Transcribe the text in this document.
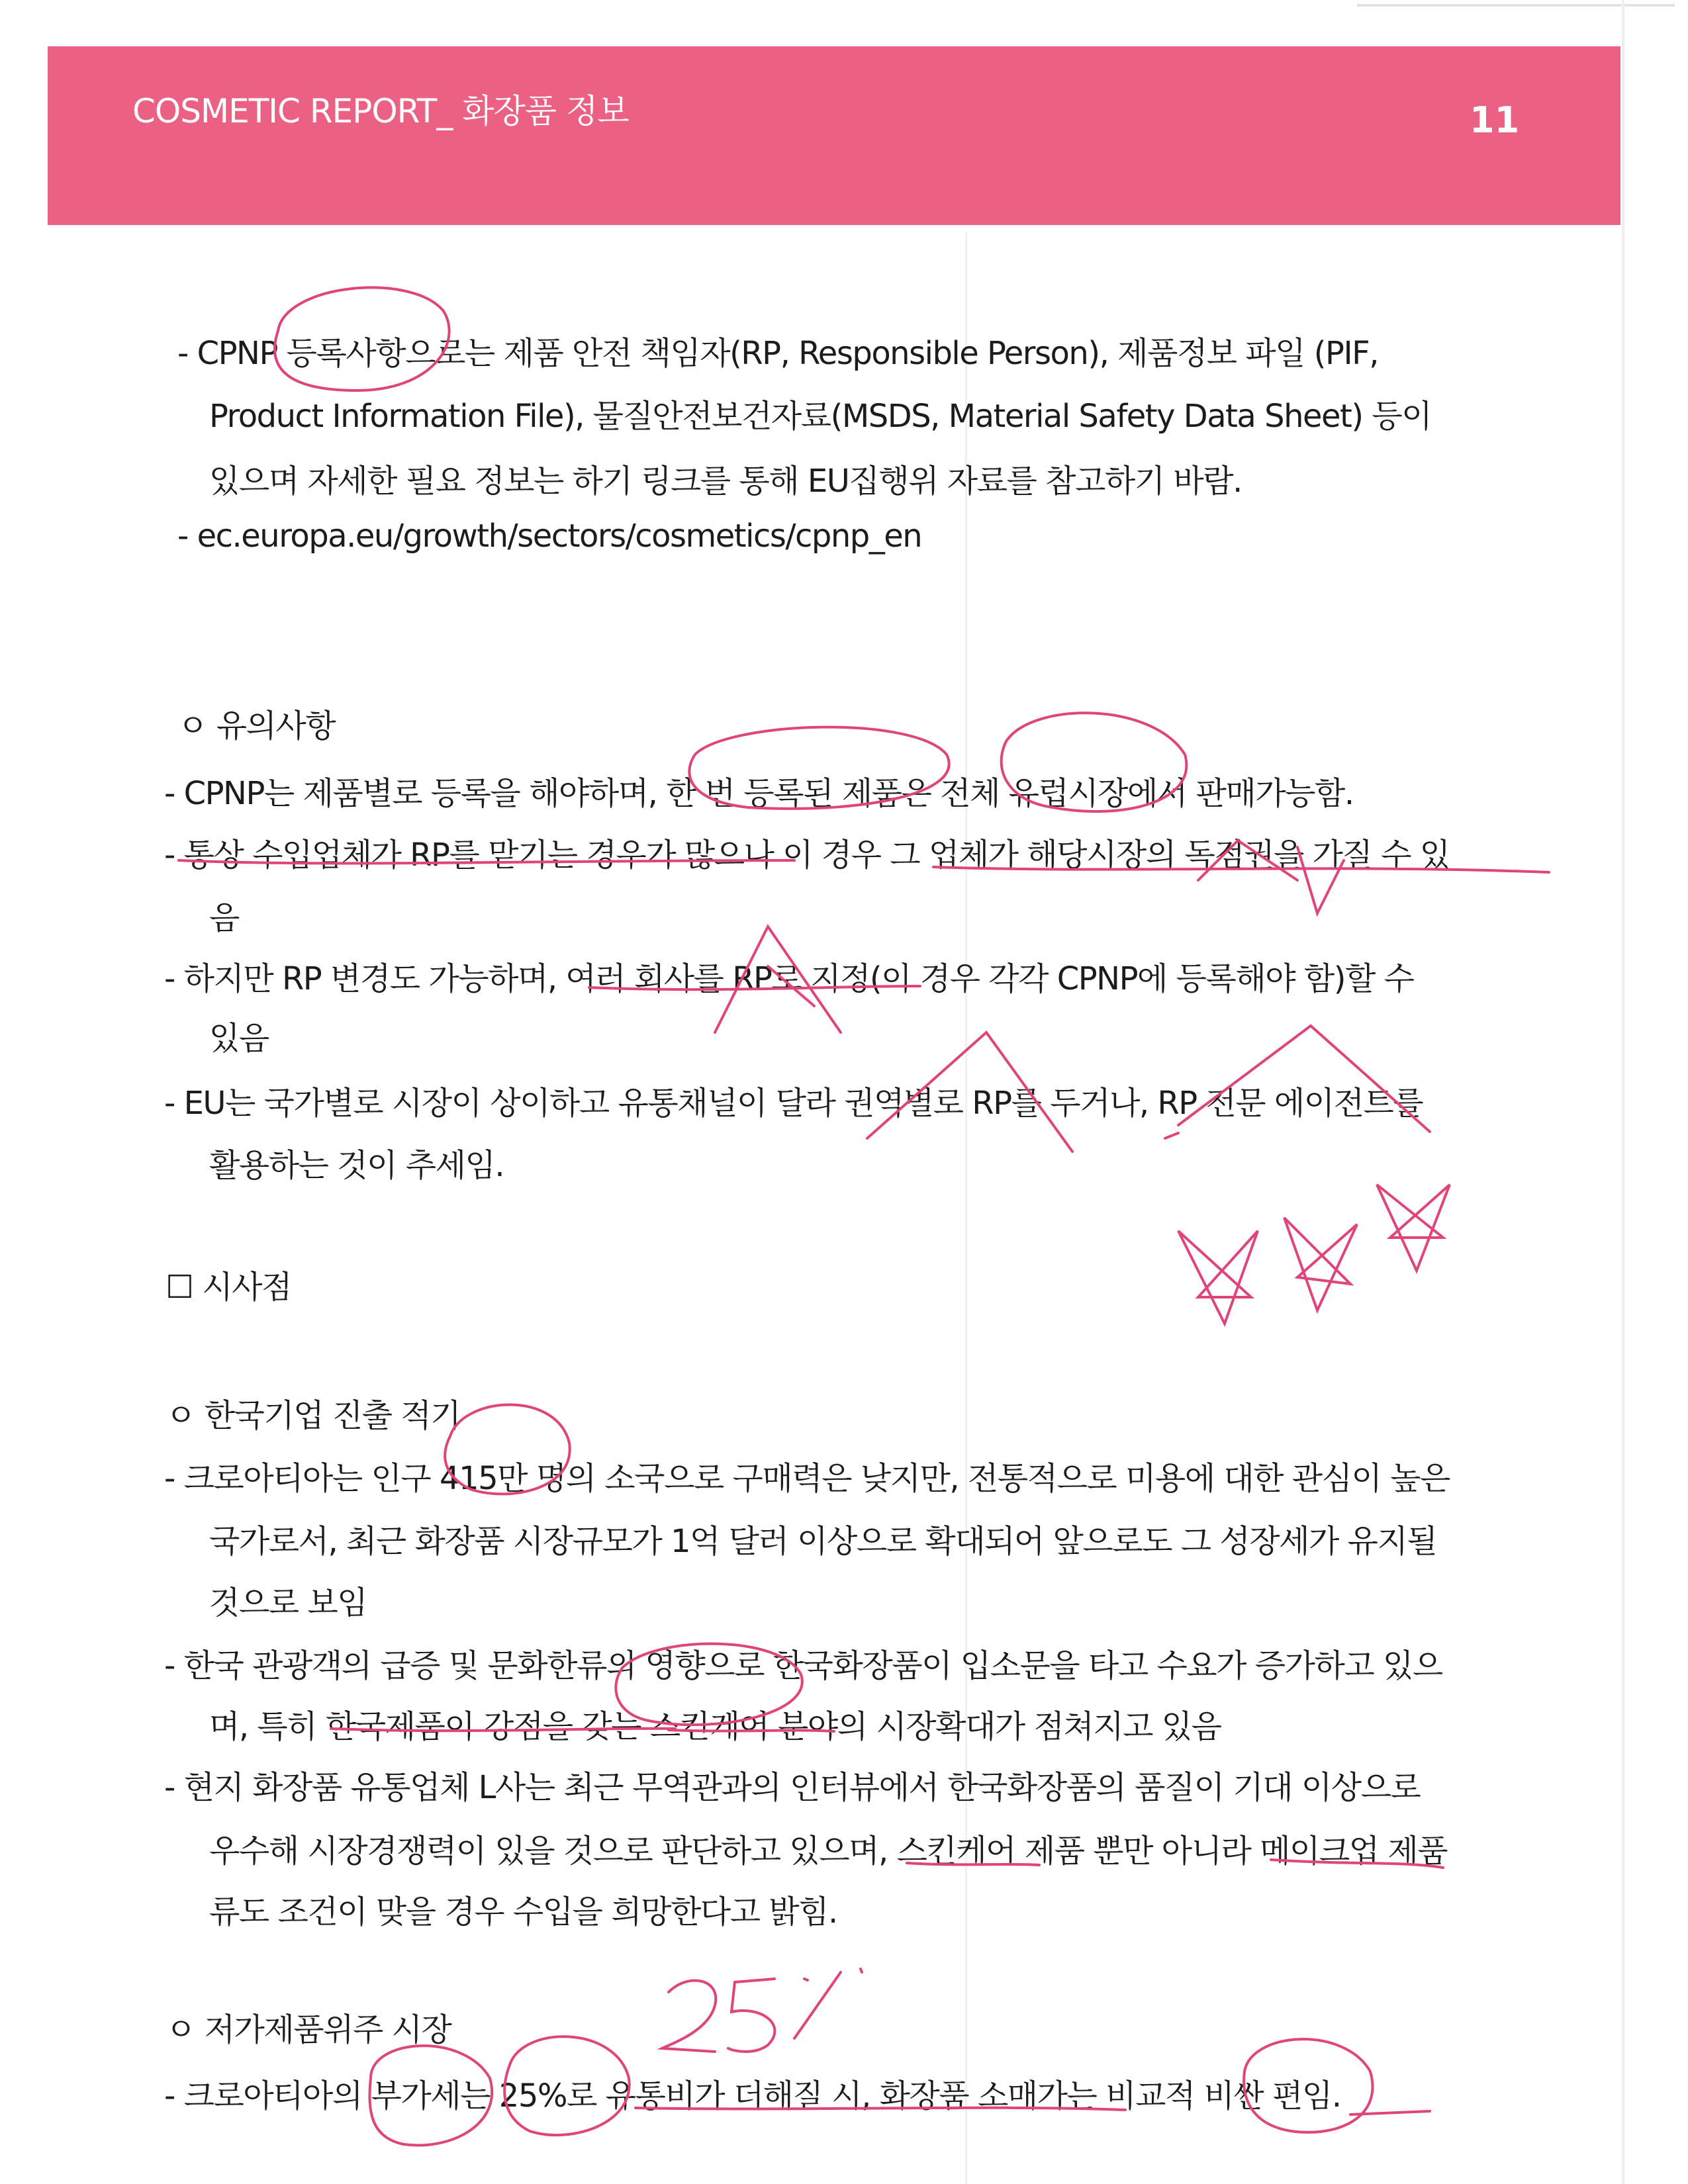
COSMETIC REPORT_ 화장품 정보	11
- CPNP 등록사항으로는 제품 안전 책임자(RP, Responsible Person), 제품정보 파일 (PIF,
Product Information File), 물질안전보건자료(MSDS, Material Safety Data Sheet) 등이
있으며 자세한 필요 정보는 하기 링크를 통해 EU집행위 자료를 참고하기 바람.
- ec.europa.eu/growth/sectors/cosmetics/cpnp_en
ㅇ 유의사항
- CPNP는 제품별로 등록을 해야하며, 한 번 등록된 제품은 전체 유럽시장에서 판매가능함.
- 통상 수입업체가 RP를 맡기는 경우가 많으나 이 경우 그 업체가 해당시장의 독점권을 가질 수 있
음
- 하지만 RP 변경도 가능하며, 여러 회사를 RP로 지정(이 경우 각각 CPNP에 등록해야 함)할 수
있음
- EU는 국가별로 시장이 상이하고 유통채널이 달라 권역별로 RP를 두거나, RP 전문 에이전트를
활용하는 것이 추세임.
☐ 시사점
ㅇ 한국기업 진출 적기
- 크로아티아는 인구 415만 명의 소국으로 구매력은 낮지만, 전통적으로 미용에 대한 관심이 높은
국가로서, 최근 화장품 시장규모가 1억 달러 이상으로 확대되어 앞으로도 그 성장세가 유지될
것으로 보임
- 한국 관광객의 급증 및 문화한류의 영향으로 한국화장품이 입소문을 타고 수요가 증가하고 있으
며, 특히 한국제품이 강점을 갖는 스킨케어 분야의 시장확대가 점쳐지고 있음
- 현지 화장품 유통업체 L사는 최근 무역관과의 인터뷰에서 한국화장품의 품질이 기대 이상으로
우수해 시장경쟁력이 있을 것으로 판단하고 있으며, 스킨케어 제품 뿐만 아니라 메이크업 제품
류도 조건이 맞을 경우 수입을 희망한다고 밝힘.
ㅇ 저가제품위주 시장
- 크로아티아의 부가세는 25%로 유통비가 더해질 시, 화장품 소매가는 비교적 비싼 편임.
